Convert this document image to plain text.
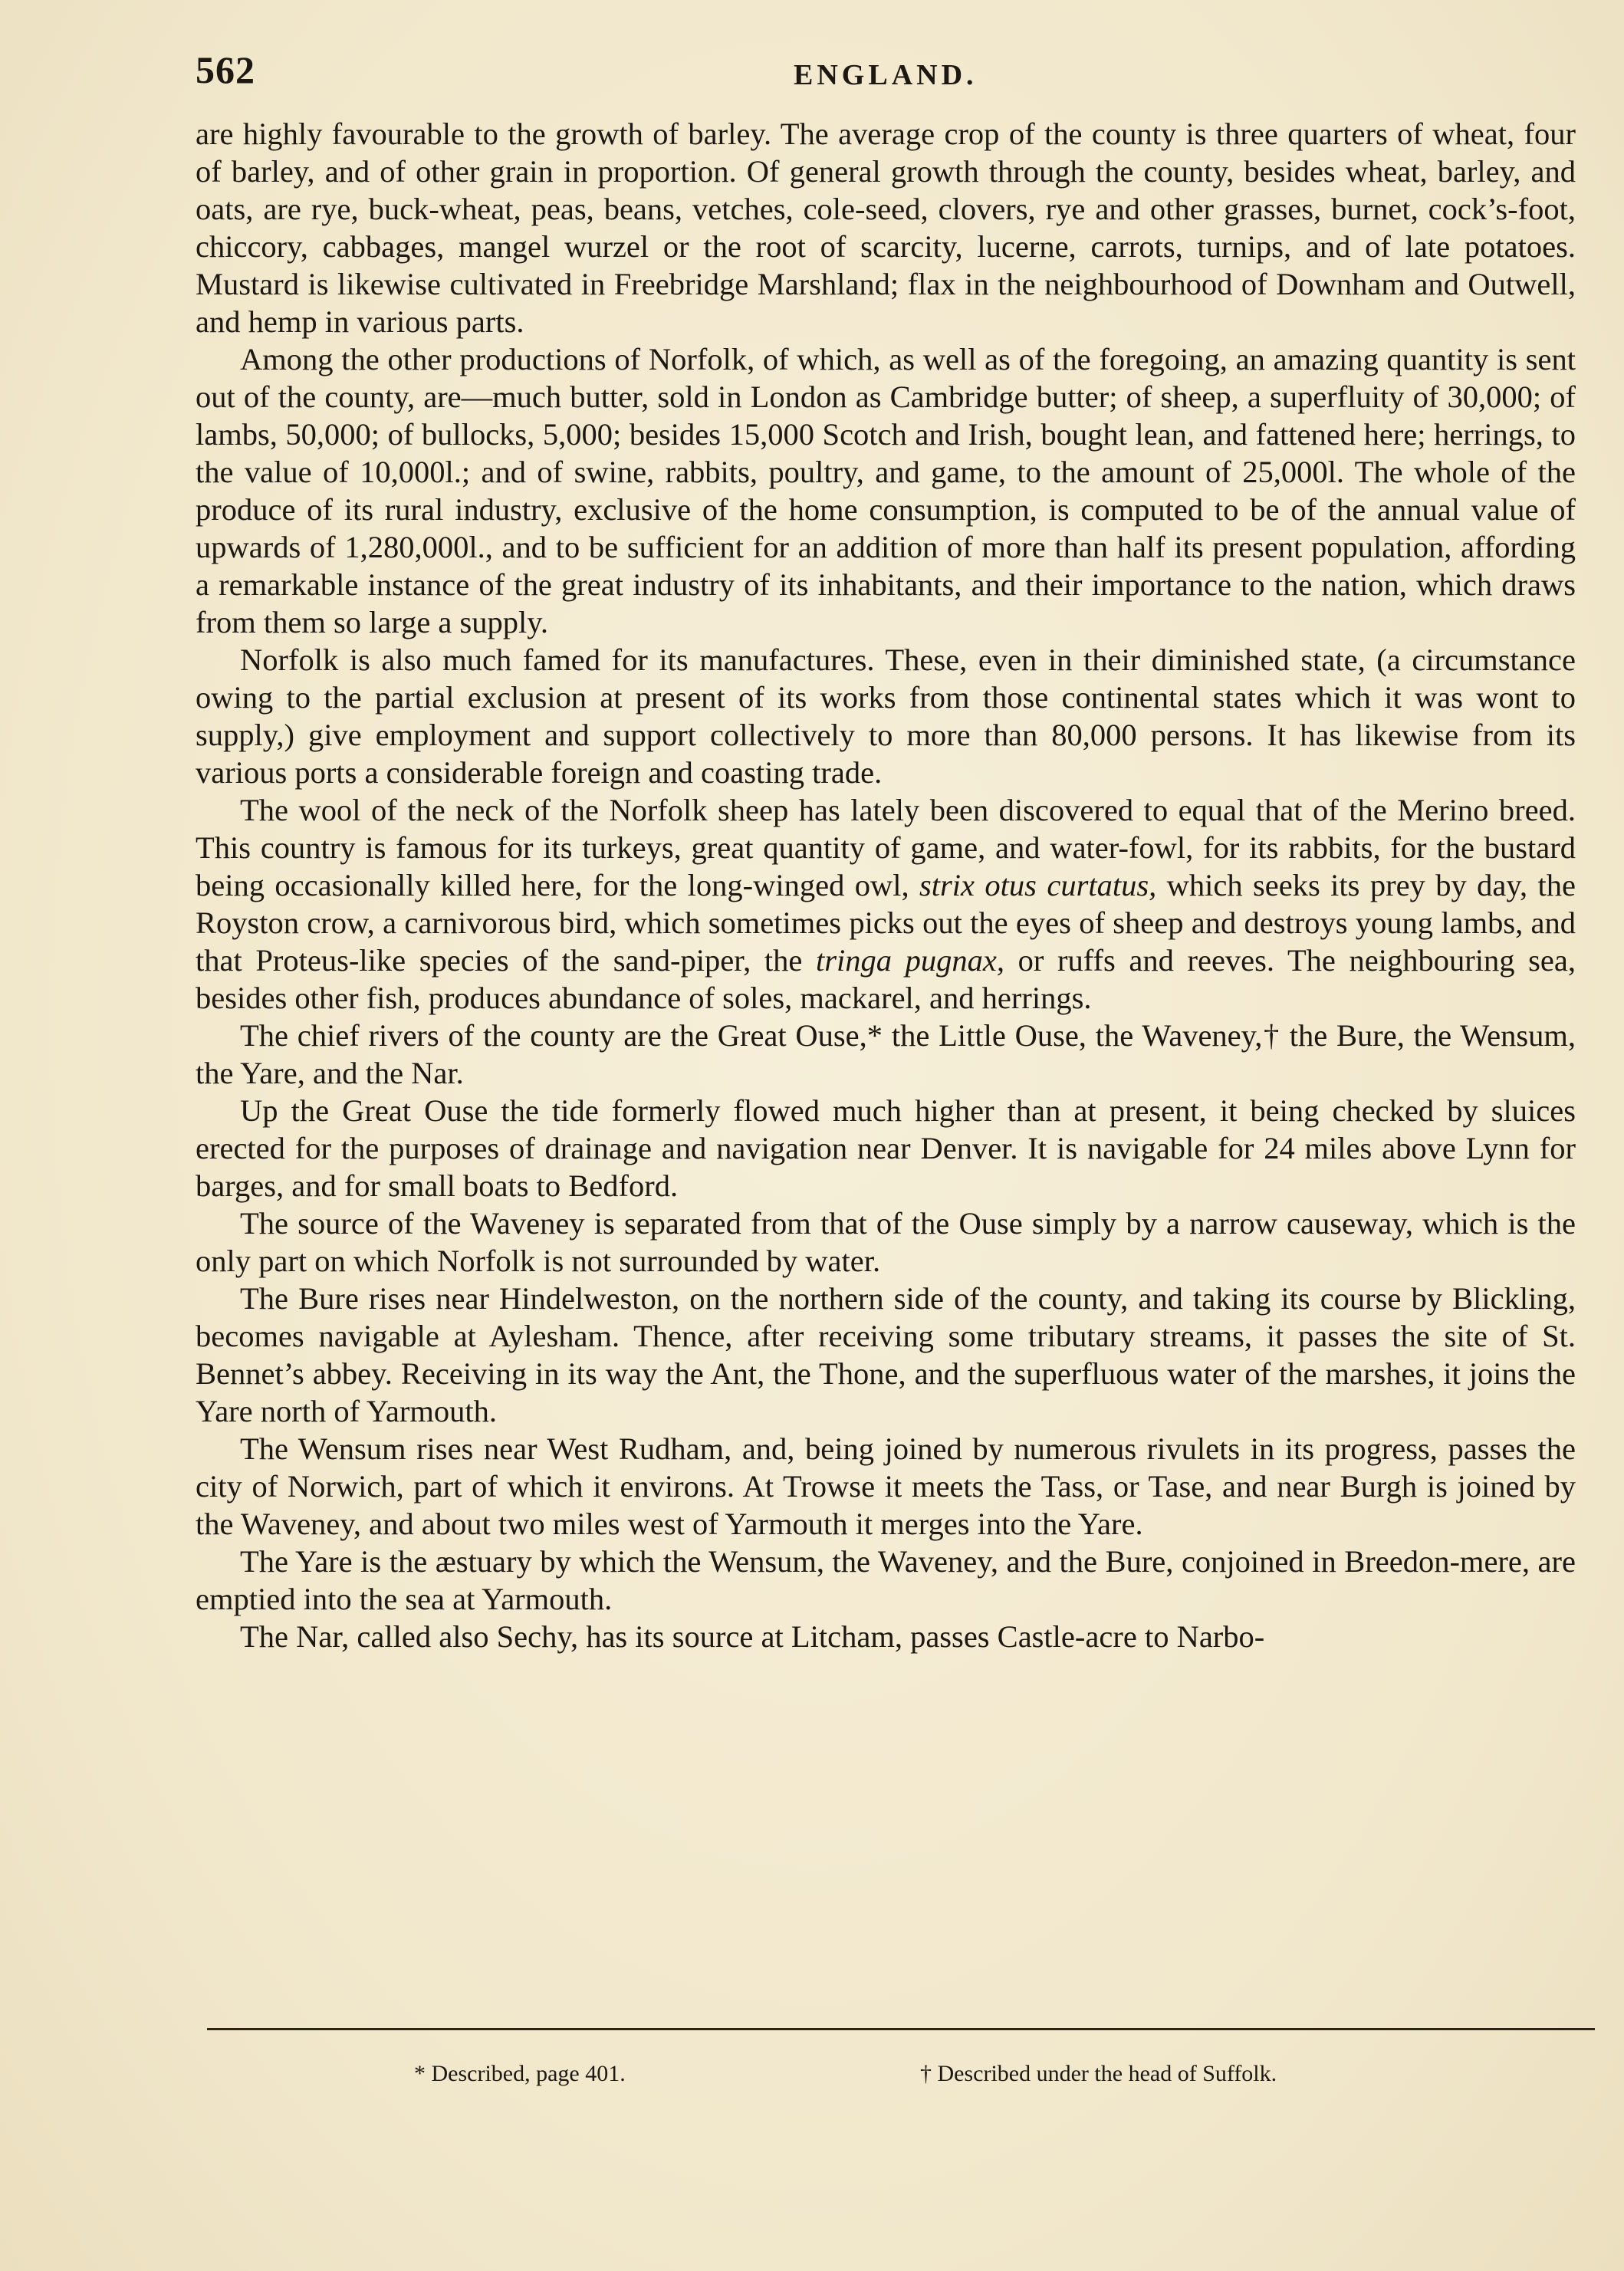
562	ENGLAND.

are highly favourable to the growth of barley. The average crop of the county is three quarters of wheat, four of barley, and of other grain in proportion. Of general growth through the county, besides wheat, barley, and oats, are rye, buck-wheat, peas, beans, vetches, cole-seed, clovers, rye and other grasses, burnet, cock’s-foot, chiccory, cabbages, mangel wurzel or the root of scarcity, lucerne, carrots, turnips, and of late potatoes. Mustard is likewise cultivated in Freebridge Marshland; flax in the neighbourhood of Downham and Outwell, and hemp in various parts.

Among the other productions of Norfolk, of which, as well as of the foregoing, an amazing quantity is sent out of the county, are—much butter, sold in London as Cambridge butter; of sheep, a superfluity of 30,000; of lambs, 50,000; of bullocks, 5,000; besides 15,000 Scotch and Irish, bought lean, and fattened here; herrings, to the value of 10,000l.; and of swine, rabbits, poultry, and game, to the amount of 25,000l. The whole of the produce of its rural industry, exclusive of the home consumption, is computed to be of the annual value of upwards of 1,280,000l., and to be sufficient for an addition of more than half its present population, affording a remarkable instance of the great industry of its inhabitants, and their importance to the nation, which draws from them so large a supply.

Norfolk is also much famed for its manufactures. These, even in their diminished state, (a circumstance owing to the partial exclusion at present of its works from those continental states which it was wont to supply,) give employment and support collectively to more than 80,000 persons. It has likewise from its various ports a considerable foreign and coasting trade.

The wool of the neck of the Norfolk sheep has lately been discovered to equal that of the Merino breed. This country is famous for its turkeys, great quantity of game, and water-fowl, for its rabbits, for the bustard being occasionally killed here, for the long-winged owl, strix otus curtatus, which seeks its prey by day, the Royston crow, a carnivorous bird, which sometimes picks out the eyes of sheep and destroys young lambs, and that Proteus-like species of the sand-piper, the tringa pugnax, or ruffs and reeves. The neighbouring sea, besides other fish, produces abundance of soles, mackarel, and herrings.

The chief rivers of the county are the Great Ouse,* the Little Ouse, the Waveney,† the Bure, the Wensum, the Yare, and the Nar.

Up the Great Ouse the tide formerly flowed much higher than at present, it being checked by sluices erected for the purposes of drainage and navigation near Denver. It is navigable for 24 miles above Lynn for barges, and for small boats to Bedford.

The source of the Waveney is separated from that of the Ouse simply by a narrow causeway, which is the only part on which Norfolk is not surrounded by water.

The Bure rises near Hindelweston, on the northern side of the county, and taking its course by Blickling, becomes navigable at Aylesham. Thence, after receiving some tributary streams, it passes the site of St. Bennet’s abbey. Receiving in its way the Ant, the Thone, and the superfluous water of the marshes, it joins the Yare north of Yarmouth.

The Wensum rises near West Rudham, and, being joined by numerous rivulets in its progress, passes the city of Norwich, part of which it environs. At Trowse it meets the Tass, or Tase, and near Burgh is joined by the Waveney, and about two miles west of Yarmouth it merges into the Yare.

The Yare is the æstuary by which the Wensum, the Waveney, and the Bure, conjoined in Breedon-mere, are emptied into the sea at Yarmouth.

The Nar, called also Sechy, has its source at Litcham, passes Castle-acre to Narbo-

* Described, page 401.	† Described under the head of Suffolk.
